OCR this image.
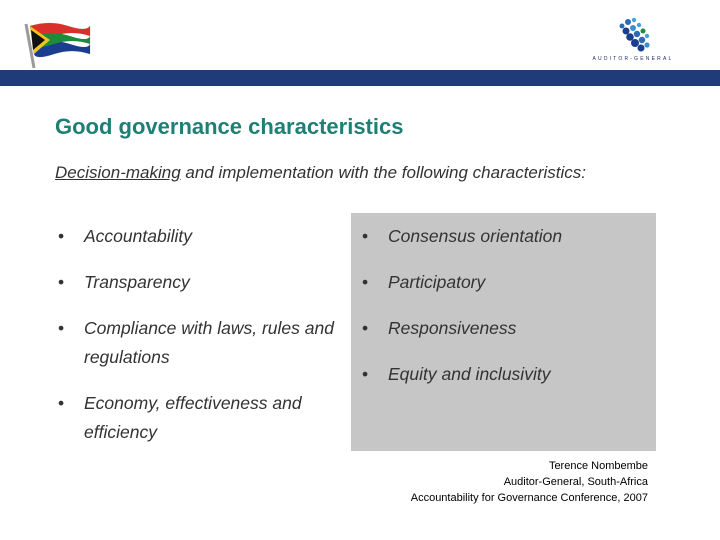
AUDITOR-GENERAL
Good governance characteristics
Decision-making and implementation with the following characteristics:
• Accountability
• Transparency
• Compliance with laws, rules and regulations
• Economy, effectiveness and efficiency
• Consensus orientation
• Participatory
• Responsiveness
• Equity and inclusivity
Terence Nombembe
Auditor-General, South-Africa
Accountability for Governance Conference, 2007
